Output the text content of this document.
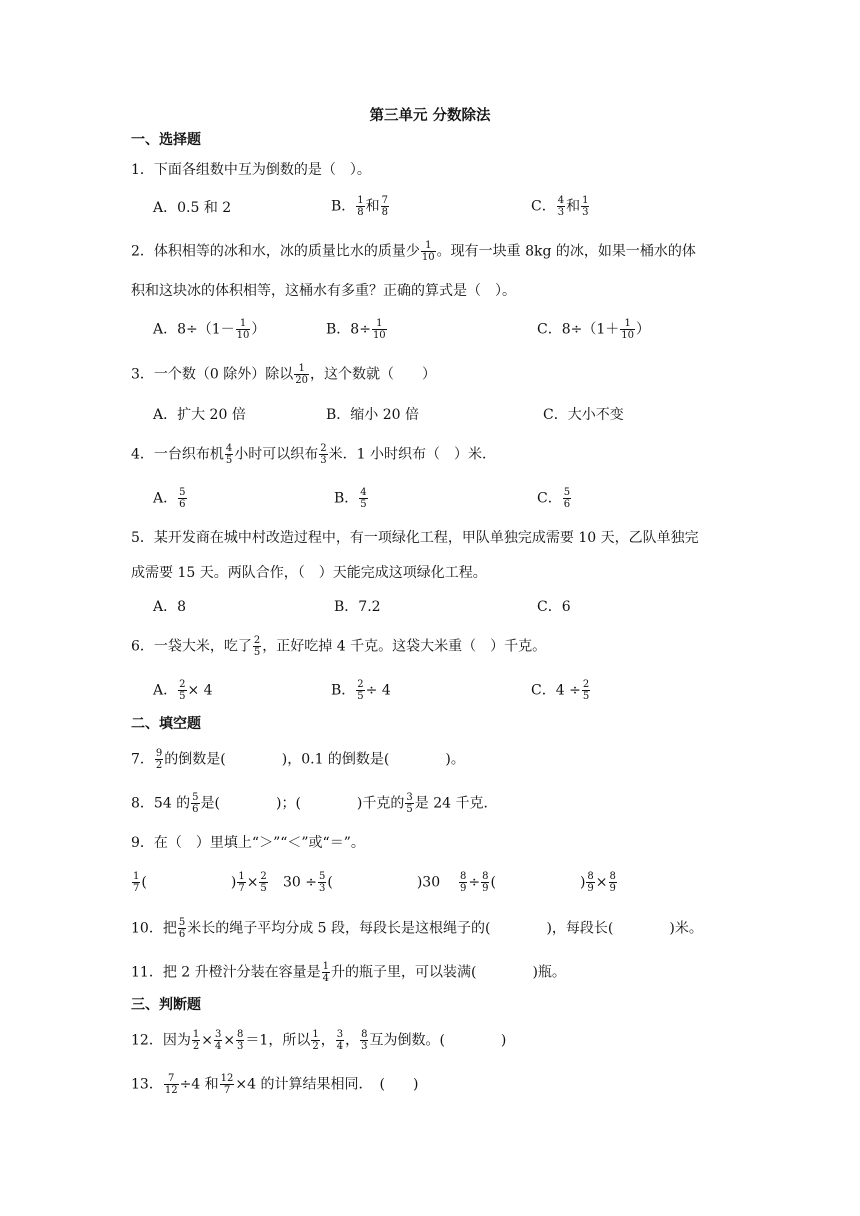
第三单元 分数除法
一、选择题
1．下面各组数中互为倒数的是（　）。
A．0.5 和 2	B． $\frac{1}{8}$ 和 $\frac{7}{8}$	C． $\frac{4}{3}$ 和 $\frac{1}{3}$
2．体积相等的冰和水，冰的质量比水的质量少 $\frac{1}{10}$ 。现有一块重 8kg 的冰，如果一桶水的体
积和这块冰的体积相等，这桶水有多重？正确的算式是（　）。
A．$8\div(1- \frac{1}{10}$ ）	B．$8\div \frac{1}{10}$	C．$8\div(1+ \frac{1}{10}$ ）
3．一个数（0 除外）除以 $\frac{1}{20}$ ，这个数就（　　）
A．扩大 20 倍	B．缩小 20 倍	C．大小不变
4．一台织布机 $\frac{4}{5}$ 小时可以织布 $\frac{2}{3}$ 米．1 小时织布（　）米．
A． $\frac{5}{6}$	B． $\frac{4}{5}$	C． $\frac{5}{6}$
5．某开发商在城中村改造过程中，有一项绿化工程，甲队单独完成需要 10 天，乙队单独完
成需要 15 天。两队合作，（　）天能完成这项绿化工程。
A．8	B．7.2	C．6
6．一袋大米，吃了 $\frac{2}{5}$ ，正好吃掉 4 千克。这袋大米重（　）千克。
A． $\frac{2}{5} \times 4$	B． $\frac{2}{5} \div 4$	C．$4 \div \frac{2}{5}$
二、填空题
7． $\frac{9}{2}$ 的倒数是(　　　　)，0.1 的倒数是(　　　　)。
8．54 的 $\frac{5}{6}$ 是(　　　　)；(　　　　)千克的 $\frac{3}{5}$ 是 24 千克．
9．在（　）里填上“＞”“＜”或“＝”。
$\frac{1}{7}$ (　　　　　　) $\frac{1}{7} \times \frac{2}{5} 30 \div \frac{5}{3}$ (　　　　　　)$30 \frac{8}{9} \div \frac{8}{9}$ (　　　　　　) $\frac{8}{9} \times \frac{8}{9}$
10．把 $\frac{5}{6}$ 米长的绳子平均分成 5 段，每段长是这根绳子的(　　　　)，每段长(　　　　)米。
11．把 2 升橙汁分装在容量是 $\frac{1}{4}$ 升的瓶子里，可以装满(　　　　)瓶。
三、判断题
12．因为 $\frac{1}{2} \times \frac{3}{4} \times \frac{8}{3} =1$，所以 $\frac{1}{2}$ ， $\frac{3}{4}$ ， $\frac{8}{3}$ 互为倒数。(　　　　)
13． $\frac{7}{12} \div 4$ 和 $\frac{12}{7} \times 4$ 的计算结果相同．　(　　)
